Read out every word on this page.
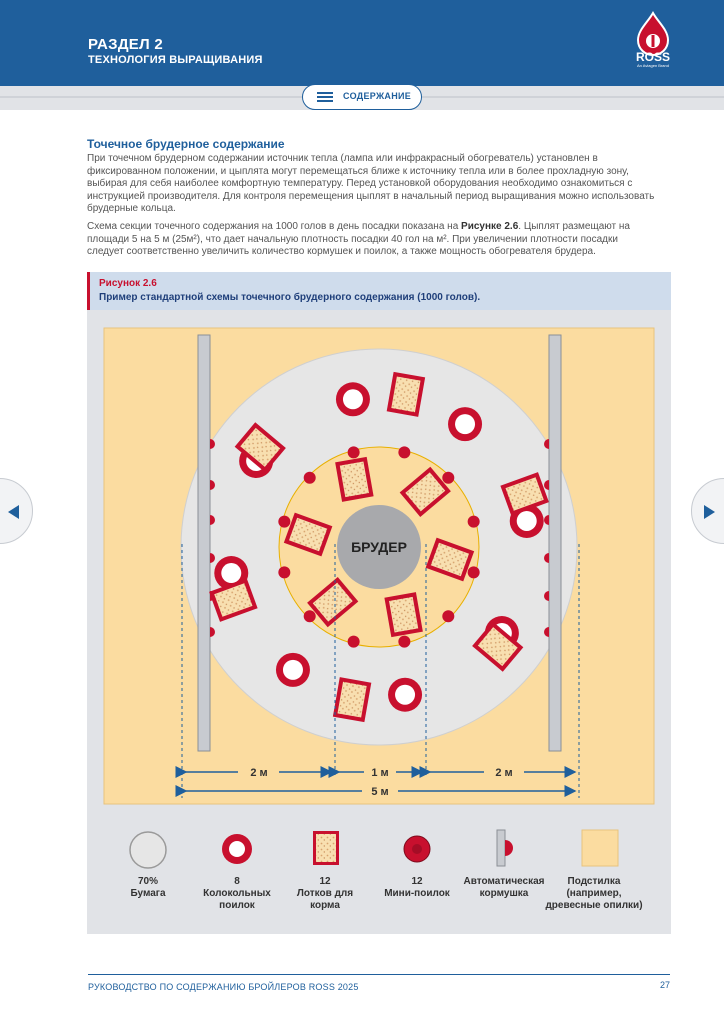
РАЗДЕЛ 2
ТЕХНОЛОГИЯ ВЫРАЩИВАНИЯ	ROSS
An Aviagen Brand
СОДЕРЖАНИЕ
Точечное брудерное содержание
При точечном брудерном содержании источник тепла (лампа или инфракрасный обогреватель) установлен в фиксированном положении, и цыплята могут перемещаться ближе к источнику тепла или в более прохладную зону, выбирая для себя наиболее комфортную температуру. Перед установкой оборудования необходимо ознакомиться с инструкцией производителя. Для контроля перемещения цыплят в начальный период выращивания можно использовать брудерные кольца.
Схема секции точечного содержания на 1000 голов в день посадки показана на Рисунке 2.6. Цыплят размещают на площади 5 на 5 м (25м²), что дает начальную плотность посадки 40 гол на м². При увеличении плотности посадки следует соответственно увеличить количество кормушек и поилок, а также мощность обогревателя брудера.
Рисунок 2.6
Пример стандартной схемы точечного брудерного содержания (1000 голов).
БРУДЕР
2 м	1 м	2 м
5 м
70%
Бумага
8
Колокольных
поилок
12
Лотков для
корма
12
Мини-поилок
Автоматическая
кормушка
Подстилка
(например,
древесные опилки)
РУКОВОДСТВО ПО СОДЕРЖАНИЮ БРОЙЛЕРОВ ROSS 2025	27
